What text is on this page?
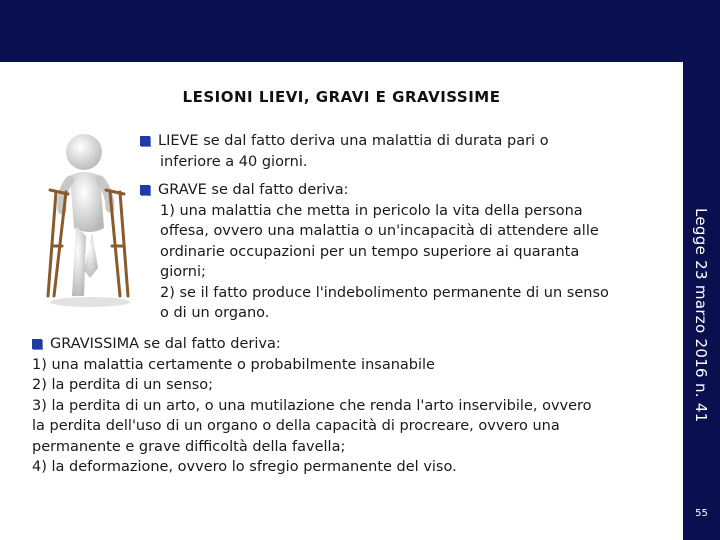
Legge 23 marzo 2016 n. 41
55
LESIONI LIEVI, GRAVI E GRAVISSIME
LIEVE se dal fatto deriva una malattia di durata pari o
inferiore a 40 giorni.
GRAVE se dal fatto deriva:
1) una malattia che metta in pericolo la vita della persona
offesa, ovvero una malattia o un'incapacità di attendere alle
ordinarie occupazioni per un tempo superiore ai quaranta
giorni;
2) se il fatto produce l'indebolimento permanente di un senso
o di un organo.
GRAVISSIMA se dal fatto deriva:
1) una malattia certamente o probabilmente insanabile
2) la perdita di un senso;
3) la perdita di un arto, o una mutilazione che renda l'arto inservibile, ovvero
la perdita dell'uso di un organo o della capacità di procreare, ovvero una
permanente e grave difficoltà della favella;
4) la deformazione, ovvero lo sfregio permanente del viso.
